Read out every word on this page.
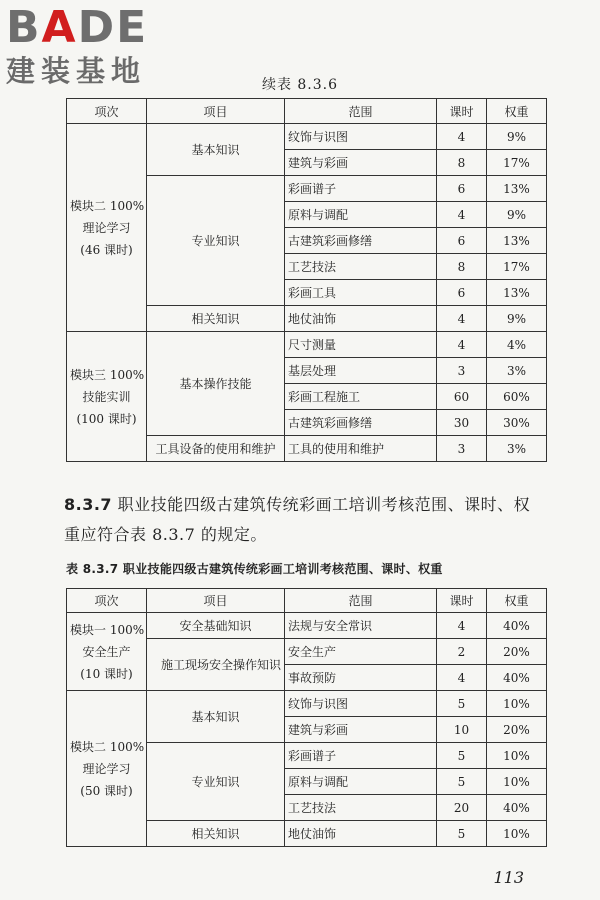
BADE
建装基地	续表 8.3.6
项次	项目	范围	课时	权重

模块二 100%
理论学习
(46 课时)	基本知识	纹饰与识图	4	9%
		建筑与彩画	8	17%
	专业知识	彩画谱子	6	13%
		原料与调配	4	9%
		古建筑彩画修缮	6	13%
		工艺技法	8	17%
		彩画工具	6	13%
	相关知识	地仗油饰	4	9%

模块三 100%
技能实训
(100 课时)	基本操作技能	尺寸测量	4	4%
		基层处理	3	3%
		彩画工程施工	60	60%
		古建筑彩画修缮	30	30%
	工具设备的使用和维护	工具的使用和维护	3	3%
8.3.7 职业技能四级古建筑传统彩画工培训考核范围、课时、权重应符合表 8.3.7 的规定。
表 8.3.7 职业技能四级古建筑传统彩画工培训考核范围、课时、权重
项次	项目	范围	课时	权重

模块一 100%
安全生产
(10 课时)	安全基础知识	法规与安全常识	4	40%
	施工现场安全操作知识	安全生产	2	20%
		事故预防	4	40%

模块二 100%
理论学习
(50 课时)	基本知识	纹饰与识图	5	10%
		建筑与彩画	10	20%
	专业知识	彩画谱子	5	10%
		原料与调配	5	10%
		工艺技法	20	40%
	相关知识	地仗油饰	5	10%
113
